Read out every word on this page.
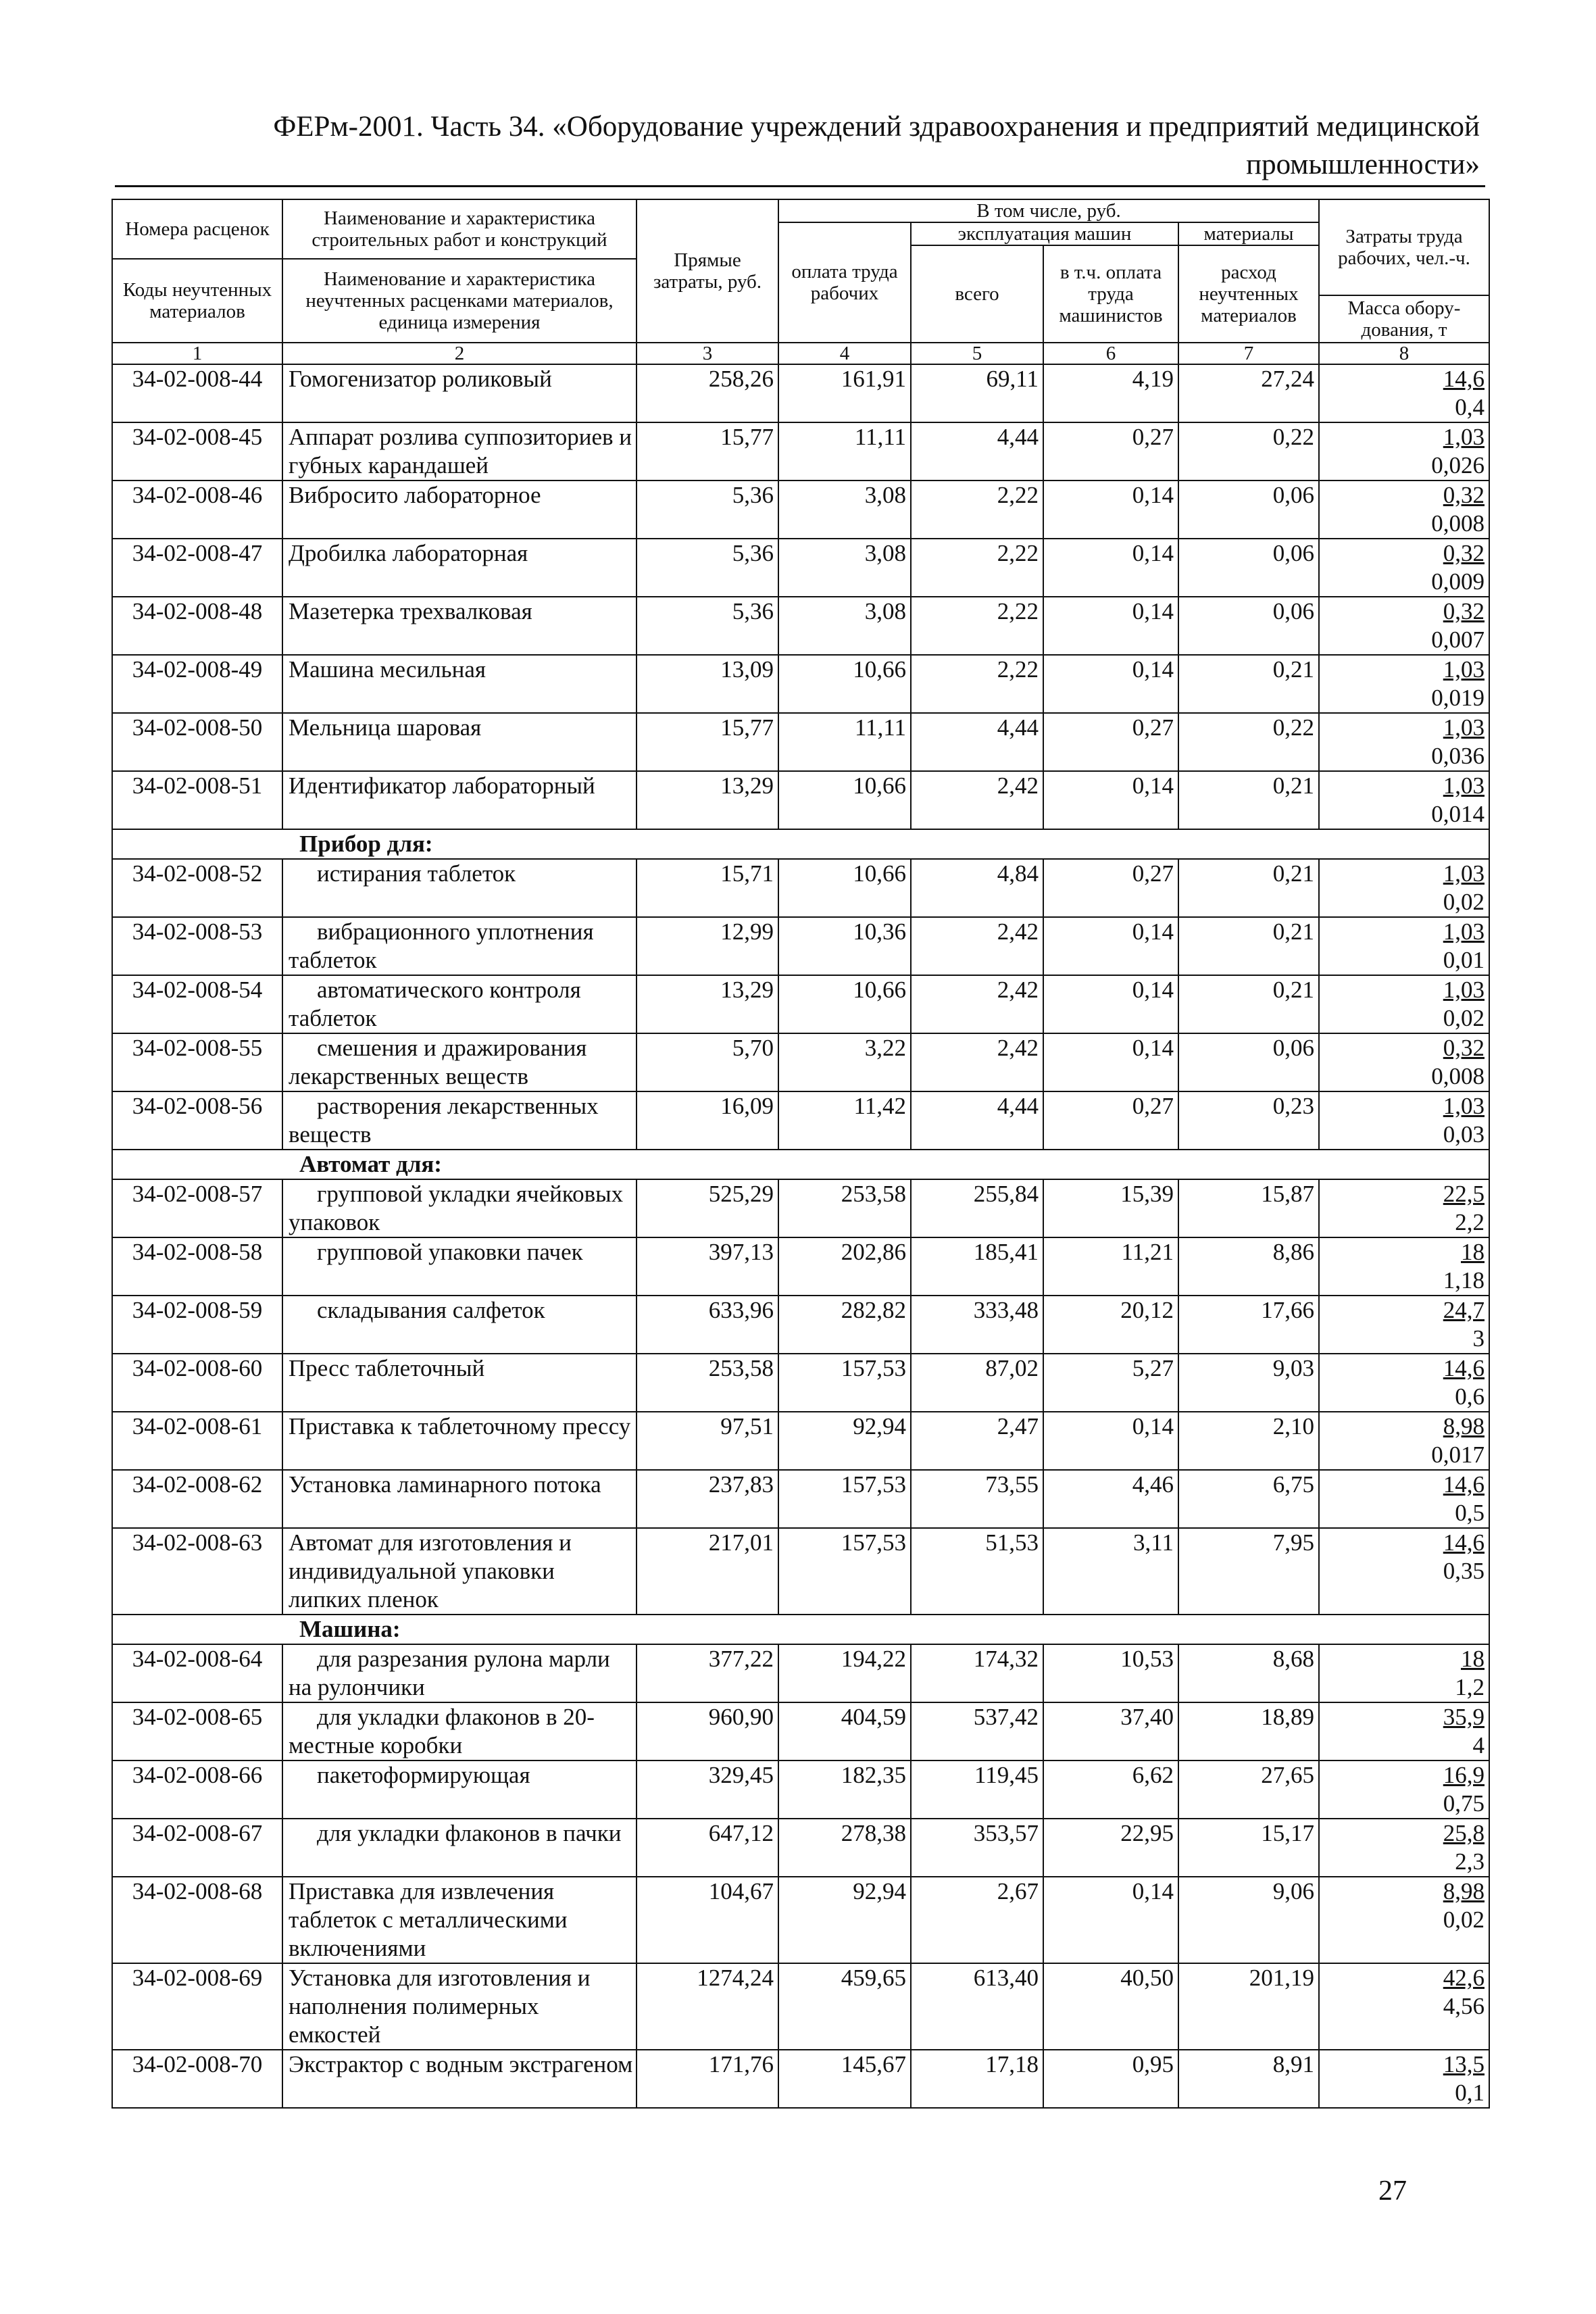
ФЕРм-2001. Часть 34. «Оборудование учреждений здравоохранения и предприятий медицинской промышленности»
Номера расценок	Наименование и характеристика строительных работ и конструкций	Прямые затраты, руб.	В том числе, руб.				Затраты труда рабочих, чел.-ч.
			оплата труда рабочих	эксплуатация машин		материалы	
				всего	в т.ч. оплата труда машинистов	расход неучтенных материалов	
Коды неучтенных материалов	Наименование и характеристика неучтенных расценками материалов, единица измерения						
							Масса обору-дования, т

1	2	3	4	5	6	7	8
34-02-008-44	Гомогенизатор роликовый	258,26	161,91	69,11	4,19	27,24	14,6
0,4

34-02-008-45	Аппарат розлива суппозиториев и губных карандашей	15,77	11,11	4,44	0,27	0,22	1,03
0,026

34-02-008-46	Вибросито лабораторное	5,36	3,08	2,22	0,14	0,06	0,32
0,008

34-02-008-47	Дробилка лабораторная	5,36	3,08	2,22	0,14	0,06	0,32
0,009

34-02-008-48	Мазетерка трехвалковая	5,36	3,08	2,22	0,14	0,06	0,32
0,007

34-02-008-49	Машина месильная	13,09	10,66	2,22	0,14	0,21	1,03
0,019

34-02-008-50	Мельница шаровая	15,77	11,11	4,44	0,27	0,22	1,03
0,036

34-02-008-51	Идентификатор лабораторный	13,29	10,66	2,42	0,14	0,21	1,03
0,014

Прибор для:							
34-02-008-52	истирания таблеток	15,71	10,66	4,84	0,27	0,21	1,03
0,02

34-02-008-53	вибрационного уплотнения таблеток	12,99	10,36	2,42	0,14	0,21	1,03
0,01

34-02-008-54	автоматического контроля таблеток	13,29	10,66	2,42	0,14	0,21	1,03
0,02

34-02-008-55	смешения и дражирования лекарственных веществ	5,70	3,22	2,42	0,14	0,06	0,32
0,008

34-02-008-56	растворения лекарственных веществ	16,09	11,42	4,44	0,27	0,23	1,03
0,03

Автомат для:							
34-02-008-57	групповой укладки ячейковых упаковок	525,29	253,58	255,84	15,39	15,87	22,5
2,2

34-02-008-58	групповой упаковки пачек	397,13	202,86	185,41	11,21	8,86	18
1,18

34-02-008-59	складывания салфеток	633,96	282,82	333,48	20,12	17,66	24,7
3

34-02-008-60	Пресс таблеточный	253,58	157,53	87,02	5,27	9,03	14,6
0,6

34-02-008-61	Приставка к таблеточному прессу	97,51	92,94	2,47	0,14	2,10	8,98
0,017

34-02-008-62	Установка ламинарного потока	237,83	157,53	73,55	4,46	6,75	14,6
0,5

34-02-008-63	Автомат для изготовления и индивидуальной упаковки липких пленок	217,01	157,53	51,53	3,11	7,95	14,6
0,35

Машина:							
34-02-008-64	для разрезания рулона марли на рулончики	377,22	194,22	174,32	10,53	8,68	18
1,2

34-02-008-65	для укладки флаконов в 20-местные коробки	960,90	404,59	537,42	37,40	18,89	35,9
4

34-02-008-66	пакетоформирующая	329,45	182,35	119,45	6,62	27,65	16,9
0,75

34-02-008-67	для укладки флаконов в пачки	647,12	278,38	353,57	22,95	15,17	25,8
2,3

34-02-008-68	Приставка для извлечения таблеток с металлическими включениями	104,67	92,94	2,67	0,14	9,06	8,98
0,02

34-02-008-69	Установка для изготовления и наполнения полимерных емкостей	1274,24	459,65	613,40	40,50	201,19	42,6
4,56

34-02-008-70	Экстрактор с водным экстрагеном	171,76	145,67	17,18	0,95	8,91	13,5
0,1
27
